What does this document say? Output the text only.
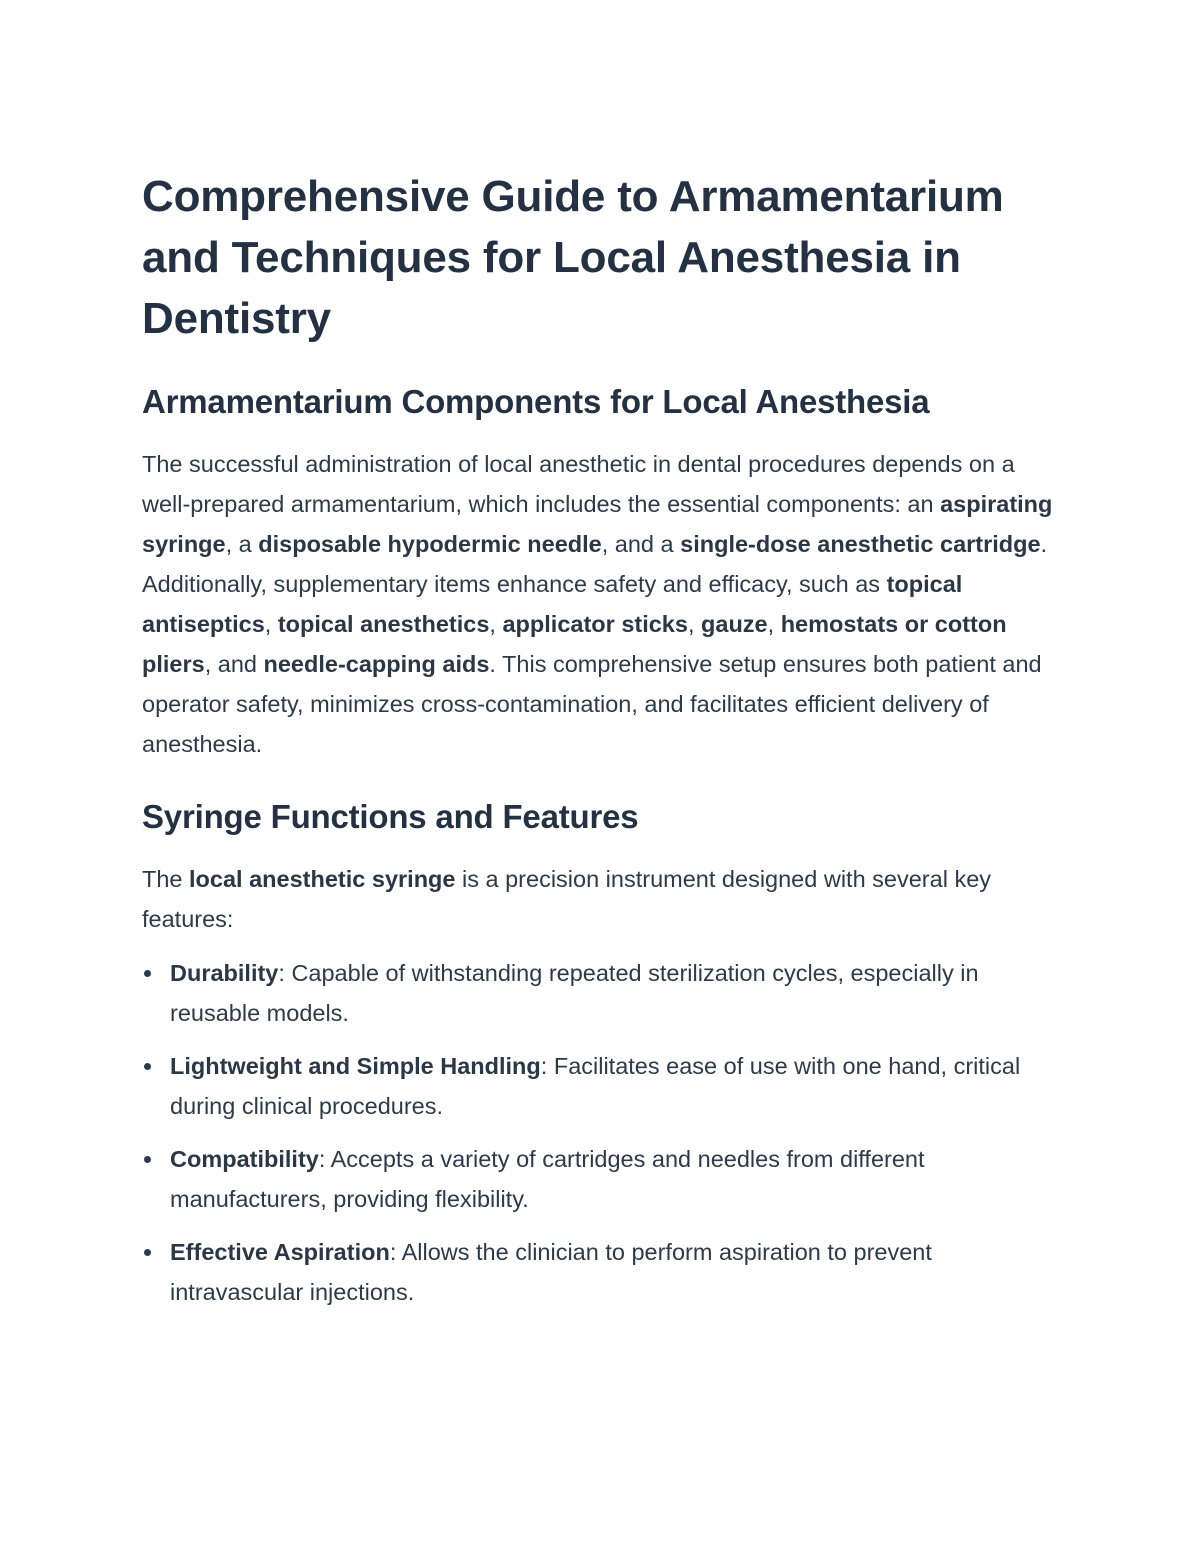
Comprehensive Guide to Armamentarium and Techniques for Local Anesthesia in Dentistry
Armamentarium Components for Local Anesthesia

The successful administration of local anesthetic in dental procedures depends on a well-prepared armamentarium, which includes the essential components: an aspirating syringe, a disposable hypodermic needle, and a single-dose anesthetic cartridge. Additionally, supplementary items enhance safety and efficacy, such as topical antiseptics, topical anesthetics, applicator sticks, gauze, hemostats or cotton pliers, and needle-capping aids. This comprehensive setup ensures both patient and operator safety, minimizes cross-contamination, and facilitates efficient delivery of anesthesia.

Syringe Functions and Features

The local anesthetic syringe is a precision instrument designed with several key features:

Durability: Capable of withstanding repeated sterilization cycles, especially in reusable models.
Lightweight and Simple Handling: Facilitates ease of use with one hand, critical during clinical procedures.
Compatibility: Accepts a variety of cartridges and needles from different manufacturers, providing flexibility.
Effective Aspiration: Allows the clinician to perform aspiration to prevent intravascular injections.
